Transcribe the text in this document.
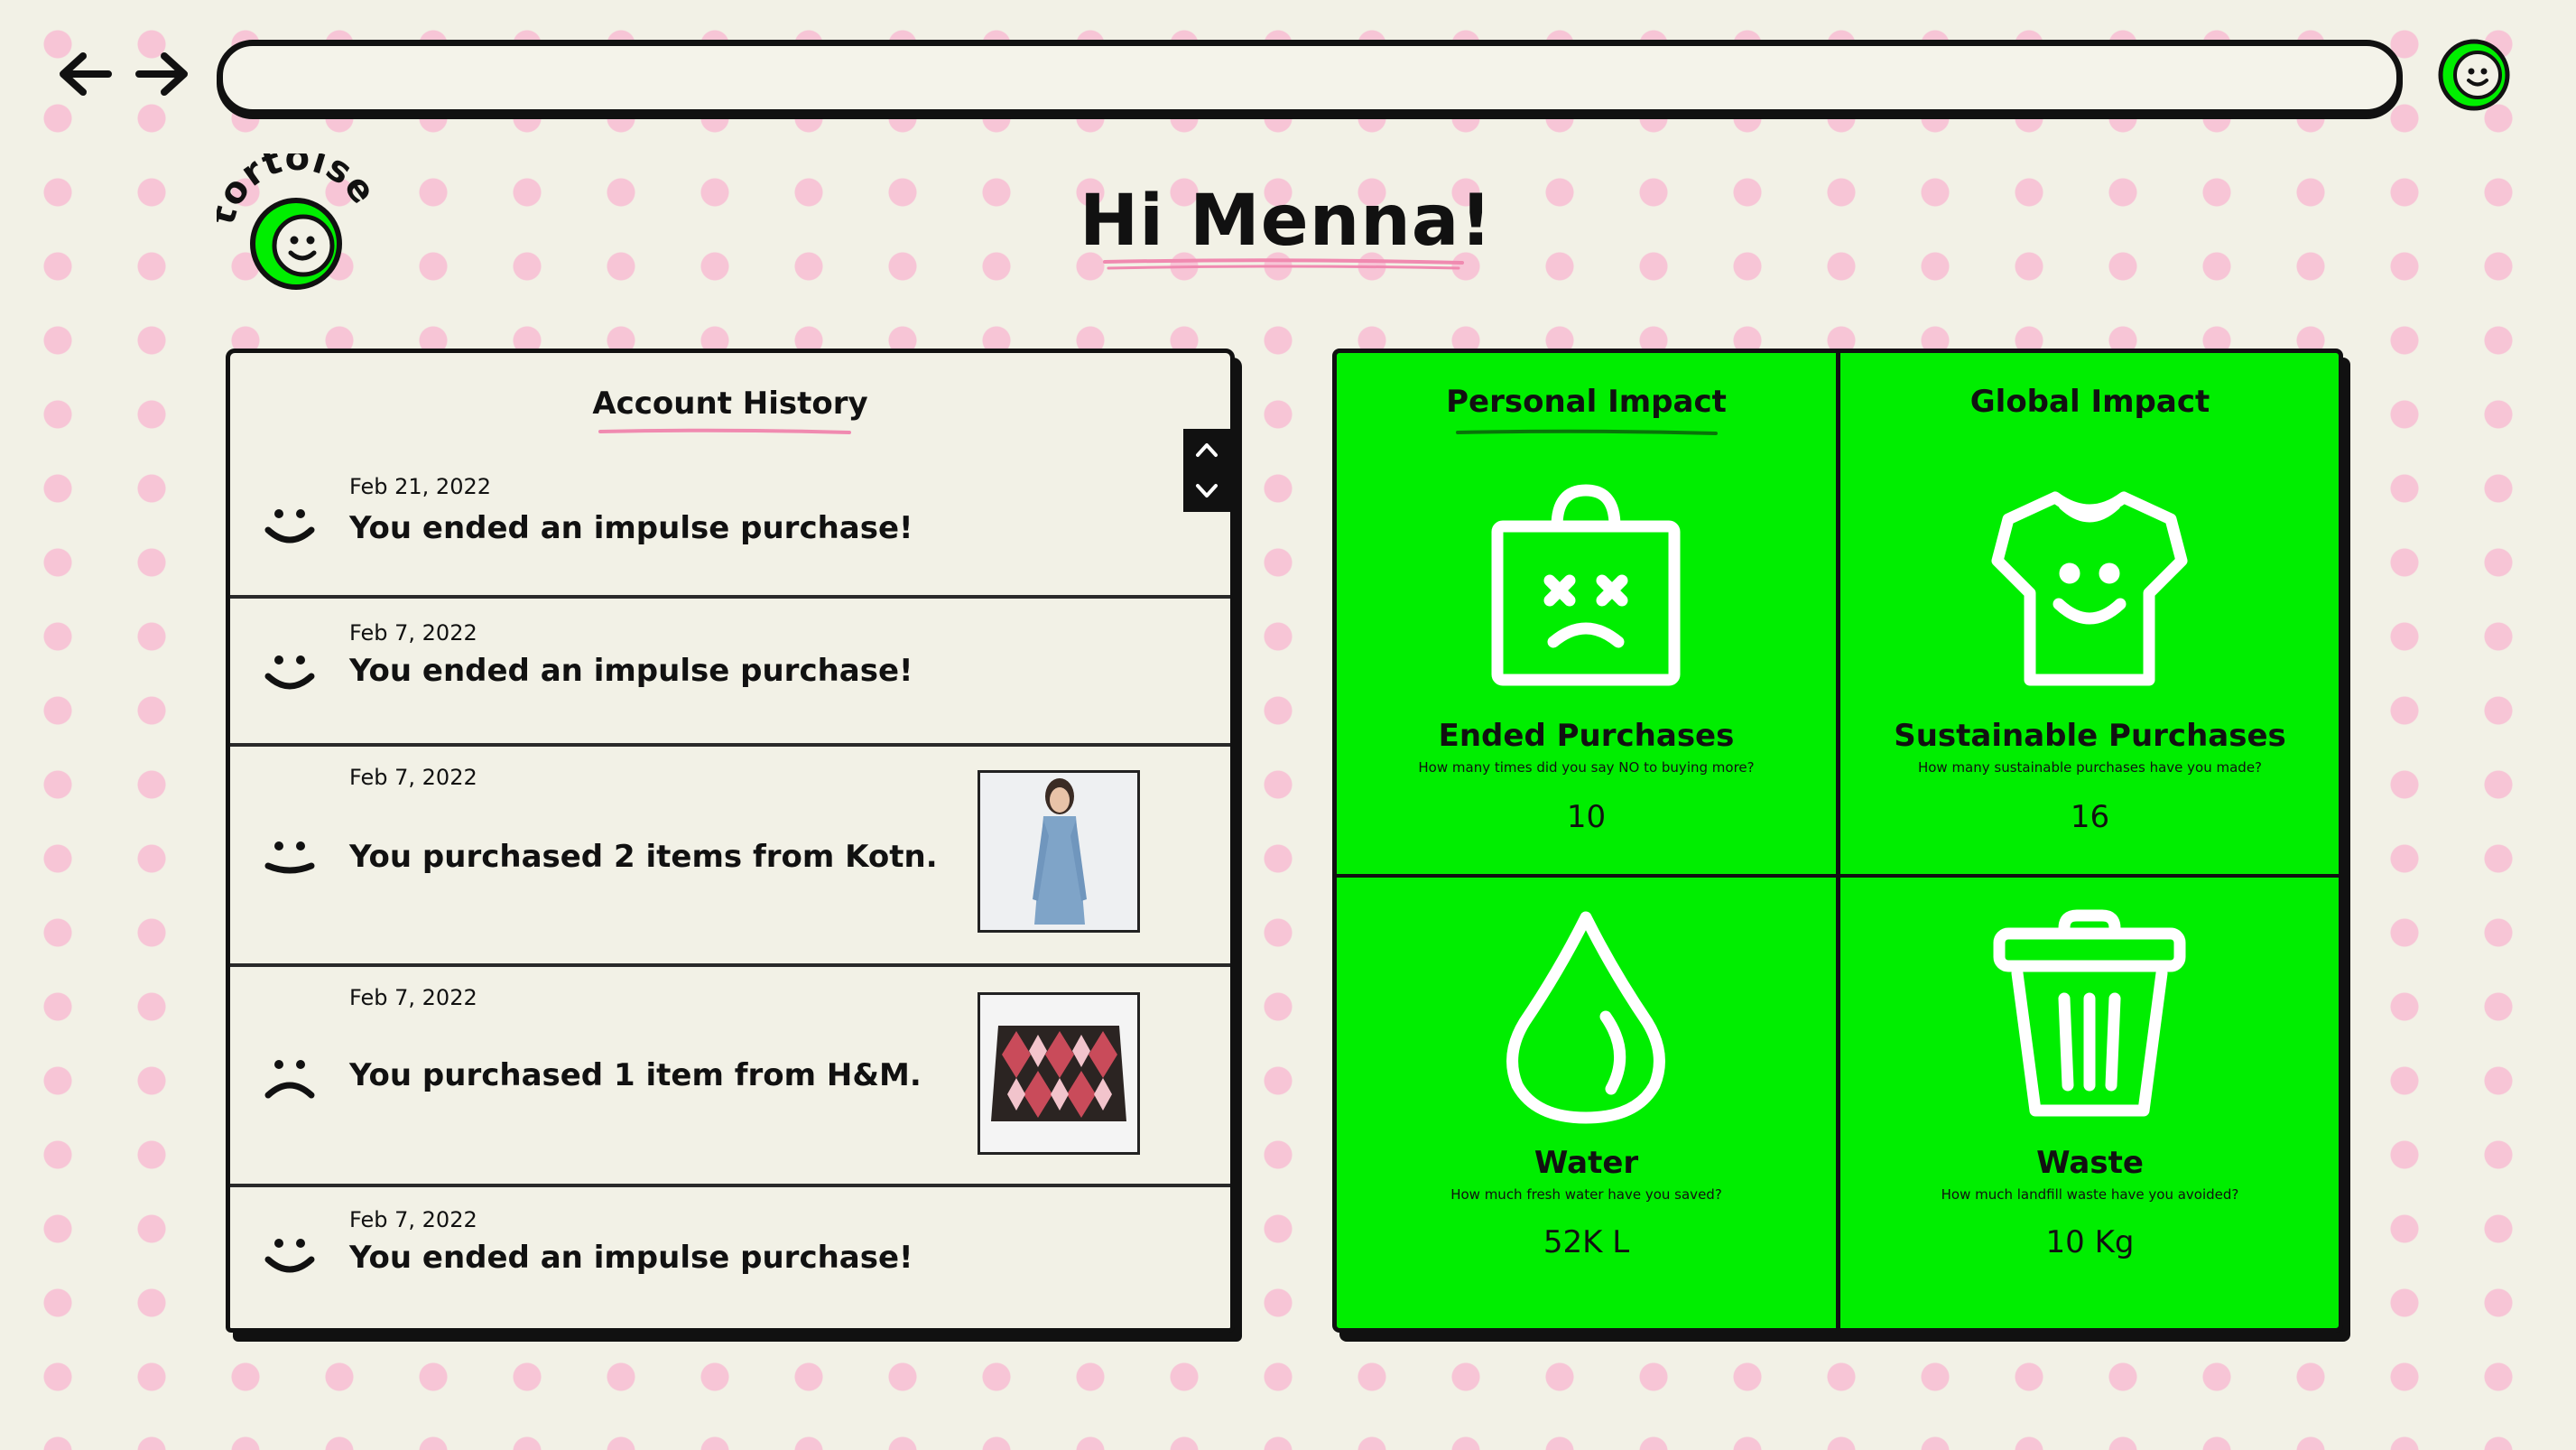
rtois
Hi Menna!
Account History
Feb 21, 2022
You ended an impulse purchase!
Feb 7, 2022
You ended an impulse purchase!
Feb 7, 2022
You purchased 2 items from Kotn.
Feb 7, 2022
You purchased 1 item from H&M.
Feb 7, 2022
You ended an impulse purchase!
Personal Impact
Ended Purchases
How many times did you say NO to buying more?
10
Global Impact
Sustainable Purchases
How many sustainable purchases have you made?
16
Water
How much fresh water have you saved?
52K L
Waste
How much landfill waste have you avoided?
10 Kg
